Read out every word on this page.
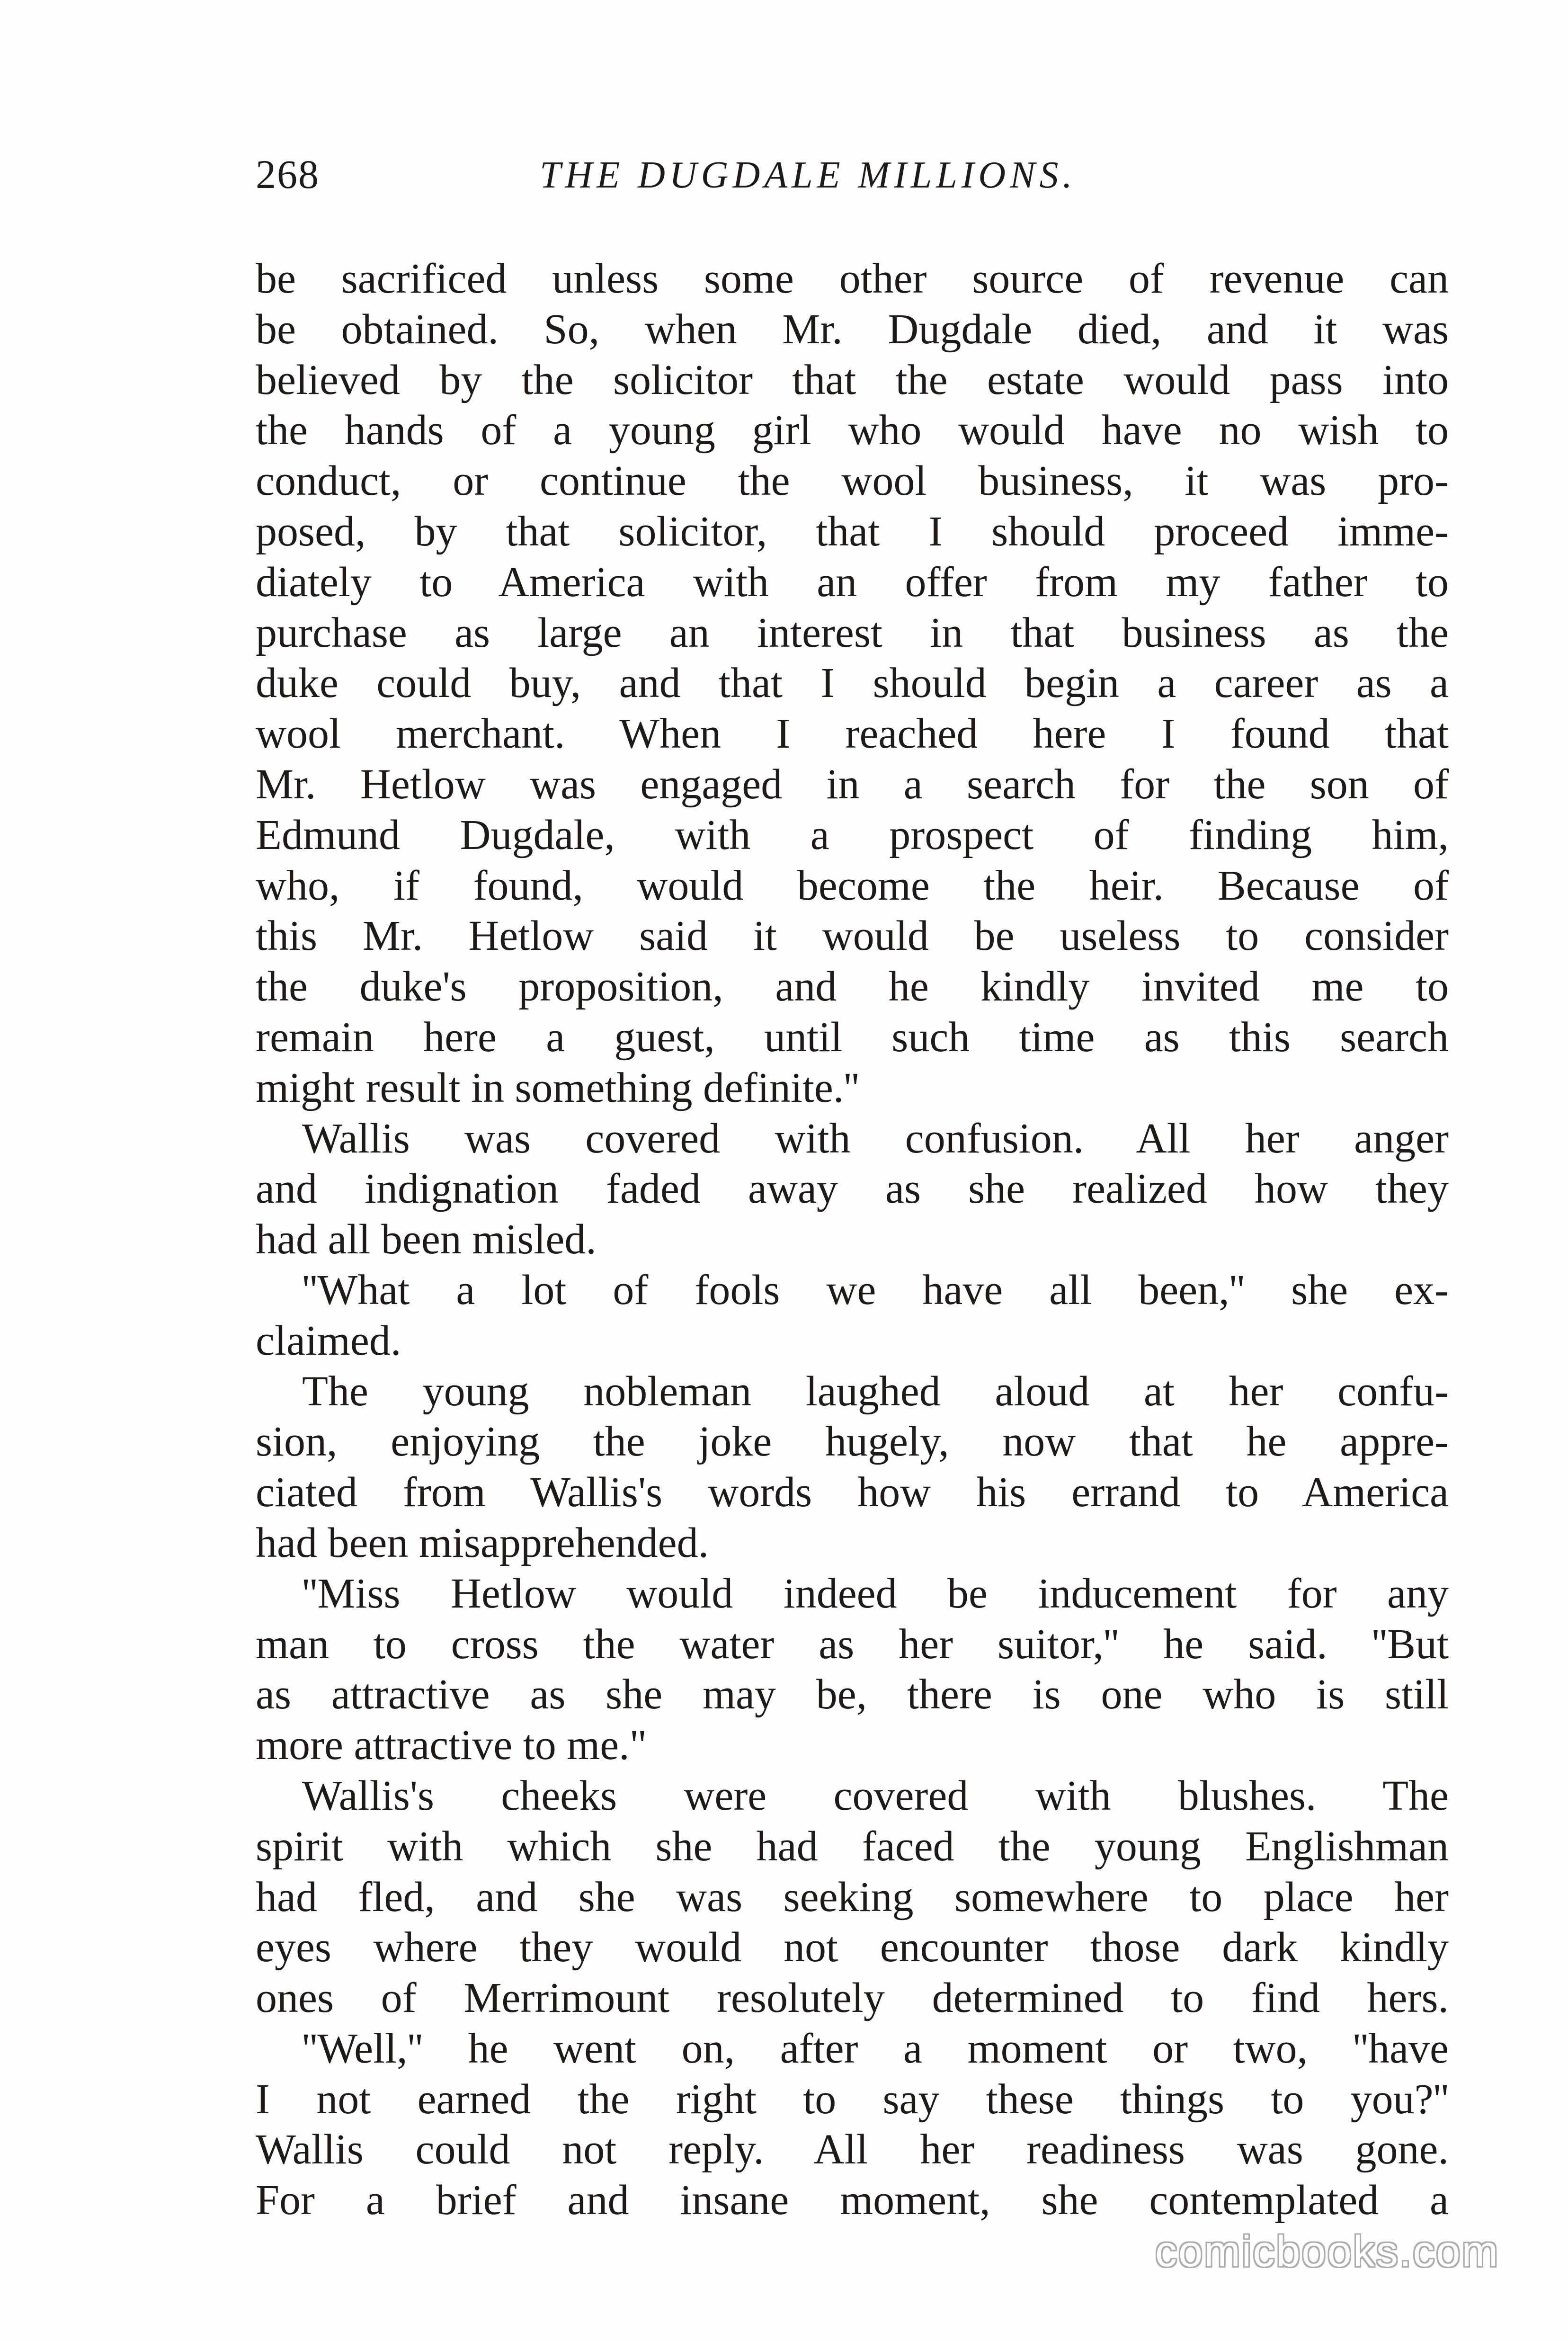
268	THE DUGDALE MILLIONS.
be sacrificed unless some other source of revenue can
be obtained. So, when Mr. Dugdale died, and it was
believed by the solicitor that the estate would pass into
the hands of a young girl who would have no wish to
conduct, or continue the wool business, it was pro-
posed, by that solicitor, that I should proceed imme-
diately to America with an offer from my father to
purchase as large an interest in that business as the
duke could buy, and that I should begin a career as a
wool merchant. When I reached here I found that
Mr. Hetlow was engaged in a search for the son of
Edmund Dugdale, with a prospect of finding him,
who, if found, would become the heir. Because of
this Mr. Hetlow said it would be useless to consider
the duke's proposition, and he kindly invited me to
remain here a guest, until such time as this search
might result in something definite.''
Wallis was covered with confusion. All her anger
and indignation faded away as she realized how they
had all been misled.
''What a lot of fools we have all been,'' she ex-
claimed.
The young nobleman laughed aloud at her confu-
sion, enjoying the joke hugely, now that he appre-
ciated from Wallis's words how his errand to America
had been misapprehended.
''Miss Hetlow would indeed be inducement for any
man to cross the water as her suitor,'' he said. ''But
as attractive as she may be, there is one who is still
more attractive to me."
Wallis's cheeks were covered with blushes. The
spirit with which she had faced the young Englishman
had fled, and she was seeking somewhere to place her
eyes where they would not encounter those dark kindly
ones of Merrimount resolutely determined to find hers.
''Well,'' he went on, after a moment or two, ''have
I not earned the right to say these things to you?''
Wallis could not reply. All her readiness was gone.
For a brief and insane moment, she contemplated a
comicbooks.com
